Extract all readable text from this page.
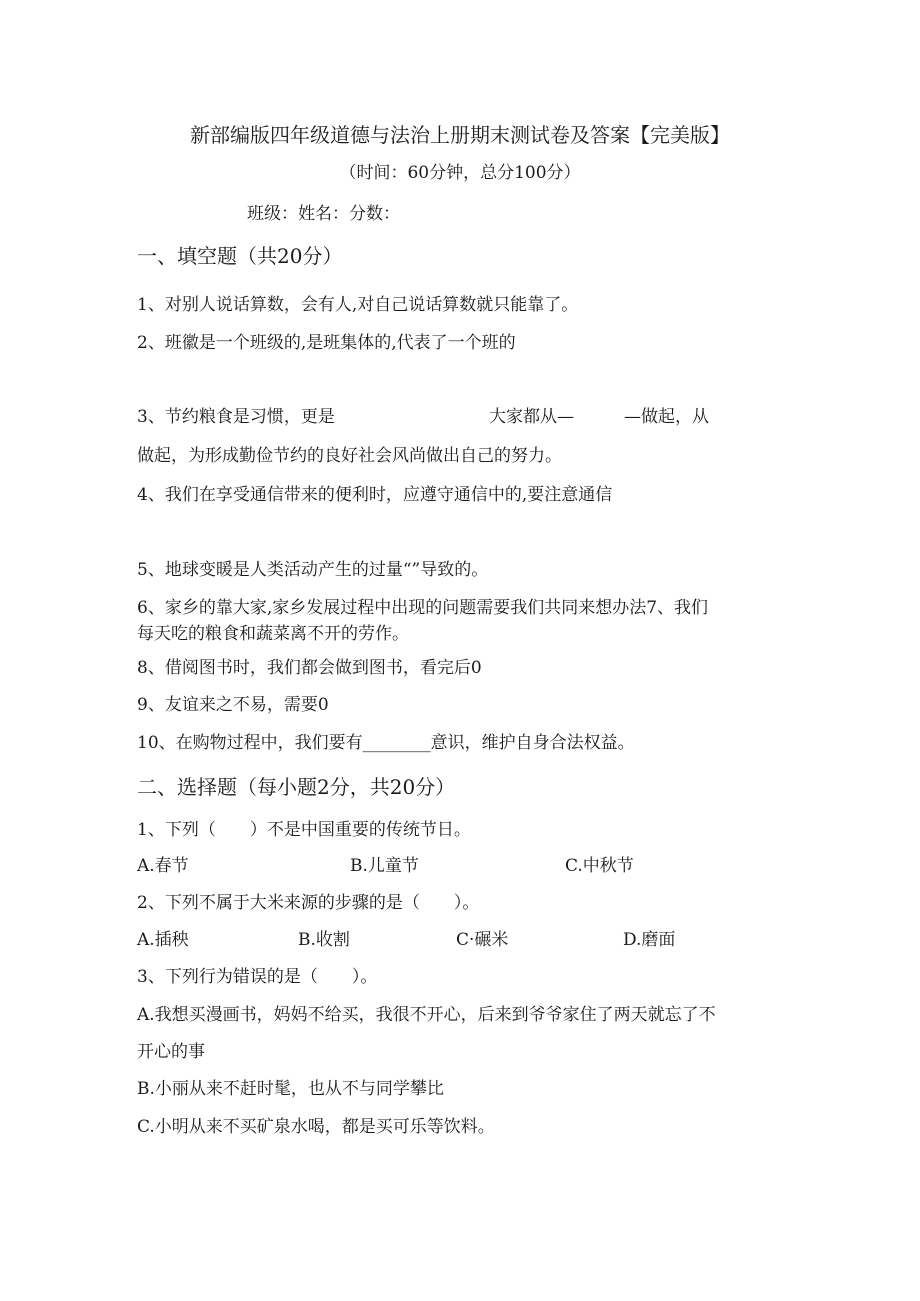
新部编版四年级道德与法治上册期末测试卷及答案【完美版】
（时间：60分钟，总分100分）
班级：姓名：分数：
一、填空题（共20分）
1、对别人说话算数，会有人,对自己说话算数就只能靠了。
2、班徽是一个班级的,是班集体的,代表了一个班的
3、节约粮食是习惯，更是	大家都从—	—做起，从
做起，为形成勤俭节约的良好社会风尚做出自己的努力。
4、我们在享受通信带来的便利时，应遵守通信中的,要注意通信
5、地球变暖是人类活动产生的过量“”导致的。
6、家乡的靠大家,家乡发展过程中出现的问题需要我们共同来想办法7、我们
每天吃的粮食和蔬菜离不开的劳作。
8、借阅图书时，我们都会做到图书，看完后0
9、友谊来之不易，需要0
10、在购物过程中，我们要有________意识，维护自身合法权益。
二、选择题（每小题2分，共20分）
1、下列（　　）不是中国重要的传统节日。
A.春节	B.儿童节	C.中秋节
2、下列不属于大米来源的步骤的是（　　）。
A.插秧	B.收割	C·碾米	D.磨面
3、下列行为错误的是（　　）。
A.我想买漫画书，妈妈不给买，我很不开心，后来到爷爷家住了两天就忘了不
开心的事
B.小丽从来不赶时髦，也从不与同学攀比
C.小明从来不买矿泉水喝，都是买可乐等饮料。
